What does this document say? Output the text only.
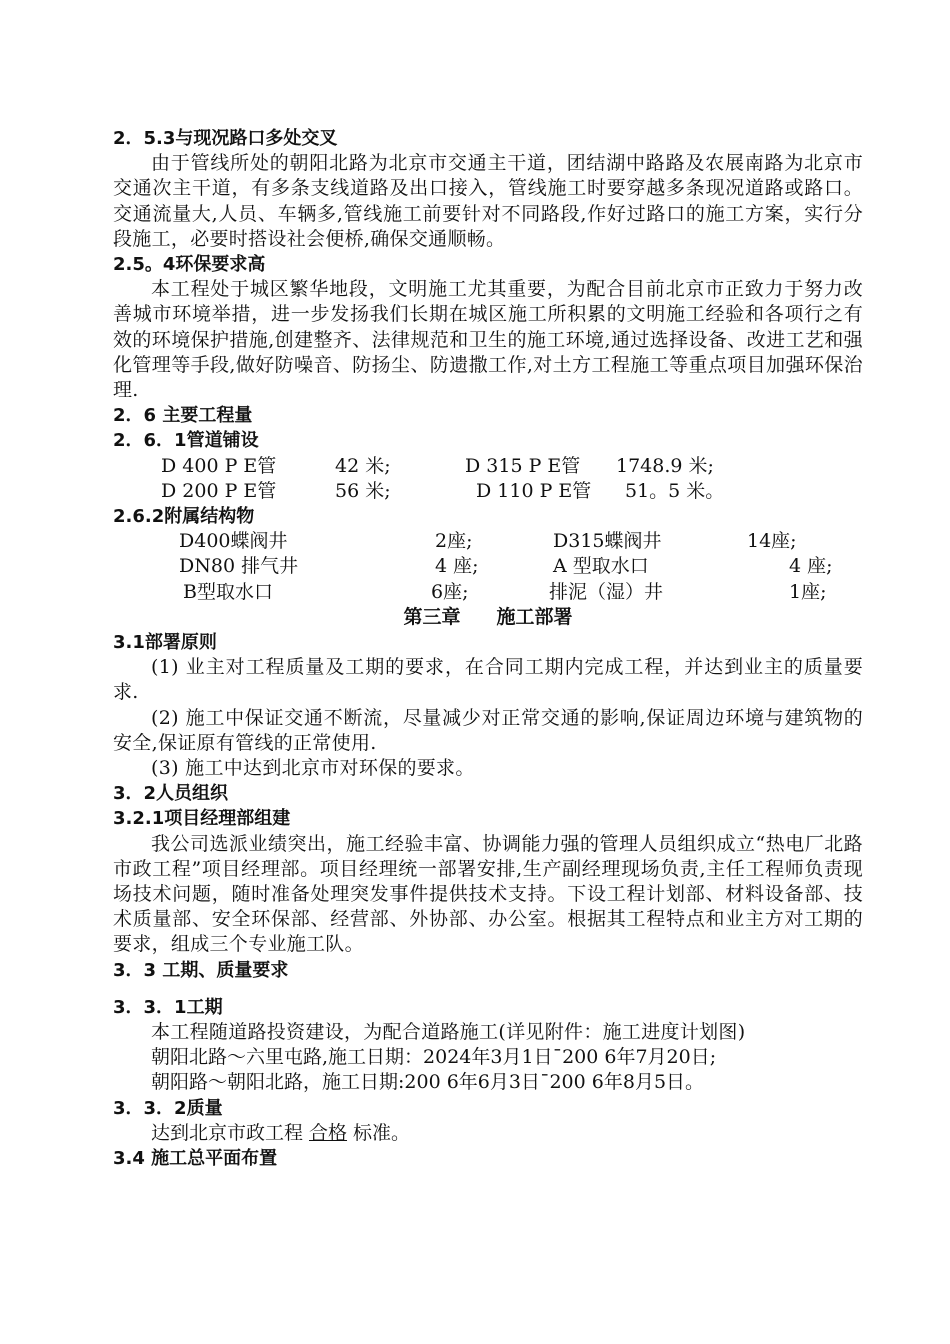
2．5.3与现况路口多处交叉
由于管线所处的朝阳北路为北京市交通主干道，团结湖中路路及农展南路为北京市交通次主干道，有多条支线道路及出口接入，管线施工时要穿越多条现况道路或路口。交通流量大,人员、车辆多,管线施工前要针对不同路段,作好过路口的施工方案，实行分段施工，必要时搭设社会便桥,确保交通顺畅。
2.5。4环保要求高
本工程处于城区繁华地段，文明施工尤其重要，为配合目前北京市正致力于努力改善城市环境举措，进一步发扬我们长期在城区施工所积累的文明施工经验和各项行之有效的环境保护措施,创建整齐、法律规范和卫生的施工环境,通过选择设备、改进工艺和强化管理等手段,做好防噪音、防扬尘、防遗撒工作,对土方工程施工等重点项目加强环保治理.
2．6 主要工程量
2．6．1管道铺设
D 400 P E管	42 米;	D 315 P E管 1748.9 米;
D 200 P E管	56 米;	D 110 P E管 51。5 米。
2.6.2附属结构物
D400蝶阀井	2座;	D315蝶阀井	14座;
DN80 排气井	4 座;	A 型取水口	4 座;
B型取水口	6座;	排泥（湿）井	1座;
第三章 施工部署
3.1部署原则
(1) 业主对工程质量及工期的要求，在合同工期内完成工程，并达到业主的质量要求.
(2) 施工中保证交通不断流，尽量减少对正常交通的影响,保证周边环境与建筑物的安全,保证原有管线的正常使用.
(3) 施工中达到北京市对环保的要求。
3．2人员组织
3.2.1项目经理部组建
我公司选派业绩突出，施工经验丰富、协调能力强的管理人员组织成立“热电厂北路市政工程”项目经理部。项目经理统一部署安排,生产副经理现场负责,主任工程师负责现场技术问题，随时准备处理突发事件提供技术支持。下设工程计划部、材料设备部、技术质量部、安全环保部、经营部、外协部、办公室。根据其工程特点和业主方对工期的要求，组成三个专业施工队。
3．3 工期、质量要求
3．3．1工期
本工程随道路投资建设，为配合道路施工(详见附件：施工进度计划图)
朝阳北路～六里屯路,施工日期：2024年3月1日¯200 6年7月20日;
朝阳路～朝阳北路，施工日期:200 6年6月3日¯200 6年8月5日。
3．3．2质量
达到北京市政工程 合格 标准。
3.4 施工总平面布置
